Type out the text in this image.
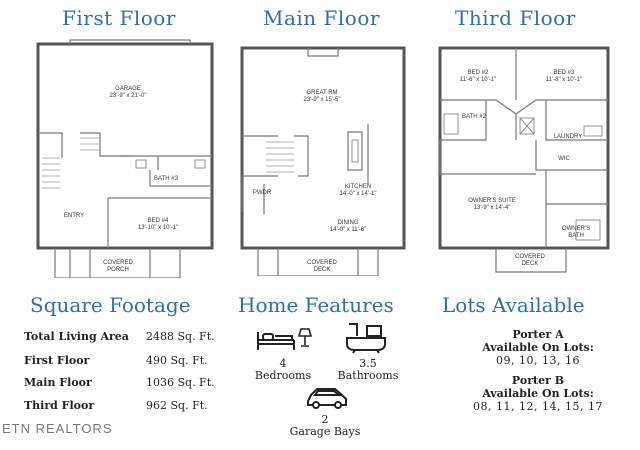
First Floor	Main Floor	Third Floor
GARAGE
23'-9" x 21'-0"
BATH #3
ENTRY
BED #4
13'-10" x 10'-1"
COVERED PORCH
GREAT RM
23'-9" x 15'-5"
KITCHEN
14'-0" x 14'-1"
PWDR
DINING
14'-0" x 11'-6"
COVERED DECK
BED #2
11'-6" x 10'-1"
BED #3
11'-8" x 10'-1"
BATH #2
LAUNDRY
WIC
OWNER'S SUITE
13'-9" x 14'-4"
OWNER'S BATH
COVERED DECK
Square Footage Home Features Lots Available
Total Living Area 2488 Sq. Ft.
First Floor	490 Sq. Ft.
Main Floor	1036 Sq. Ft.
Third Floor	962 Sq. Ft.
4
Bedrooms
3.5
Bathrooms
2
Garage Bays
Porter A
Available On Lots:
09, 10, 13, 16
Porter B
Available On Lots:
08, 11, 12, 14, 15, 17
ETN REALTORS
